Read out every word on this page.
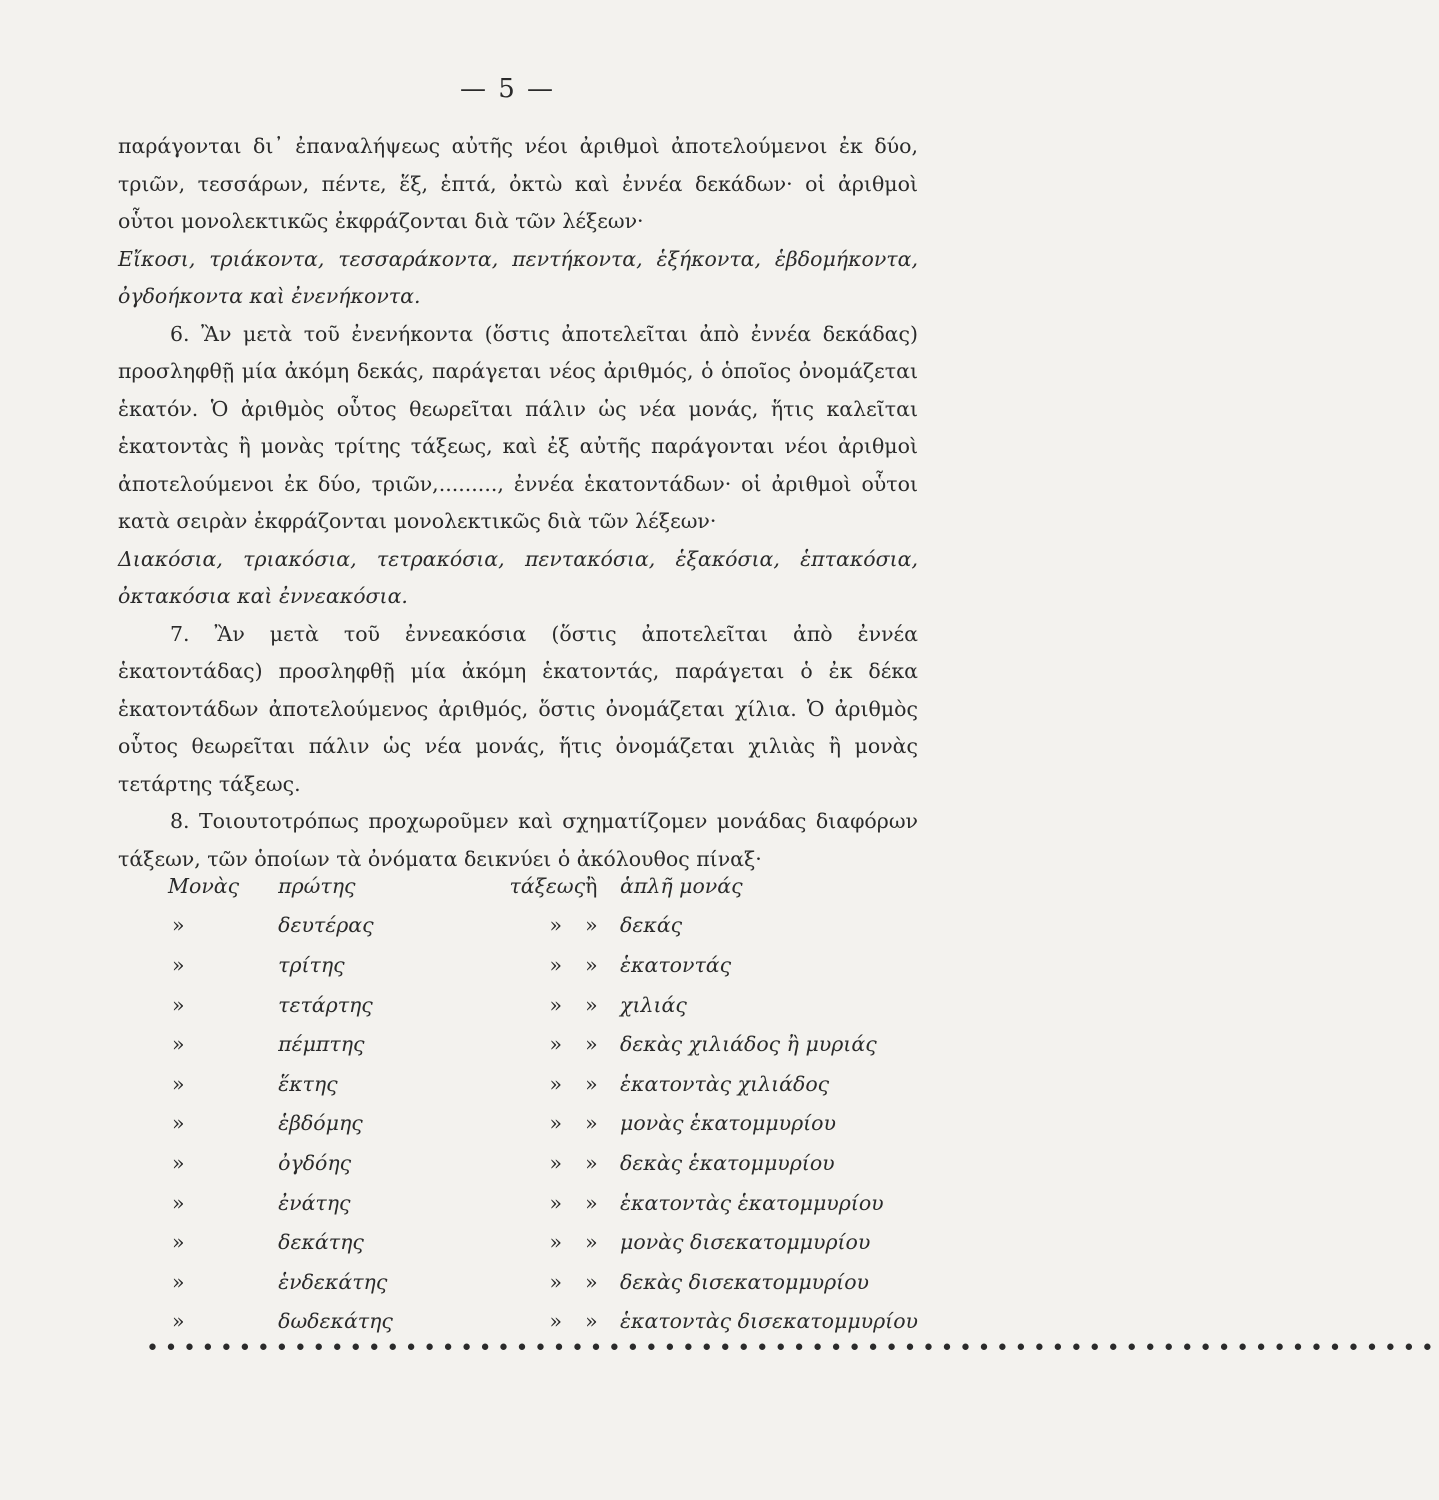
— 5 —

παράγονται δι᾽ ἐπαναλήψεως αὐτῆς νέοι ἀριθμοὶ ἀποτελούμενοι ἐκ δύο, τριῶν, τεσσάρων, πέντε, ἕξ, ἑπτά, ὀκτὼ καὶ ἐννέα δεκάδων· οἱ ἀριθμοὶ οὗτοι μονολεκτικῶς ἐκφράζονται διὰ τῶν λέξεων·

Εἴκοσι, τριάκοντα, τεσσαράκοντα, πεντήκοντα, ἑξήκοντα, ἑβδομήκοντα, ὀγδοήκοντα καὶ ἐνενήκοντα.

6. Ἂν μετὰ τοῦ ἐνενήκοντα (ὅστις ἀποτελεῖται ἀπὸ ἐννέα δεκάδας) προσληφθῇ μία ἀκόμη δεκάς, παράγεται νέος ἀριθμός, ὁ ὁποῖος ὀνομάζεται ἑκατόν. Ὁ ἀριθμὸς οὗτος θεωρεῖται πάλιν ὡς νέα μονάς, ἥτις καλεῖται ἑκατοντὰς ἢ μονὰς τρίτης τάξεως, καὶ ἐξ αὐτῆς παράγονται νέοι ἀριθμοὶ ἀποτελούμενοι ἐκ δύο, τριῶν,........., ἐννέα ἑκατοντάδων· οἱ ἀριθμοὶ οὗτοι κατὰ σειρὰν ἐκφράζονται μονολεκτικῶς διὰ τῶν λέξεων·

Διακόσια, τριακόσια, τετρακόσια, πεντακόσια, ἑξακόσια, ἑπτακόσια, ὀκτακόσια καὶ ἐννεακόσια.

7. Ἂν μετὰ τοῦ ἐννεακόσια (ὅστις ἀποτελεῖται ἀπὸ ἐννέα ἑκατοντάδας) προσληφθῇ μία ἀκόμη ἑκατοντάς, παράγεται ὁ ἐκ δέκα ἑκατοντάδων ἀποτελούμενος ἀριθμός, ὅστις ὀνομάζεται χίλια. Ὁ ἀριθμὸς οὗτος θεωρεῖται πάλιν ὡς νέα μονάς, ἥτις ὀνομάζεται χιλιὰς ἢ μονὰς τετάρτης τάξεως.

8. Τοιουτοτρόπως προχωροῦμεν καὶ σχηματίζομεν μονάδας διαφόρων τάξεων, τῶν ὁποίων τὰ ὀνόματα δεικνύει ὁ ἀκόλουθος πίναξ·

Μονὰς	πρώτης	τάξεως	ἢ	ἁπλῆ μονάς
»	δευτέρας	»	»	δεκάς
»	τρίτης	»	»	ἑκατοντάς
»	τετάρτης	»	»	χιλιάς
»	πέμπτης	»	»	δεκὰς χιλιάδος ἢ μυριάς
»	ἕκτης	»	»	ἑκατοντὰς χιλιάδος
»	ἑβδόμης	»	»	μονὰς ἑκατομμυρίου
»	ὀγδόης	»	»	δεκὰς ἑκατομμυρίου
»	ἐνάτης	»	»	ἑκατοντὰς ἑκατομμυρίου
»	δεκάτης	»	»	μονὰς δισεκατομμυρίου
»	ἑνδεκάτης	»	»	δεκὰς δισεκατομμυρίου
»	δωδεκάτης	»	»	ἑκατοντὰς δισεκατομμυρίου
••••••••••••••••••••••••••••••••••••••••••••••••••••••••••••••••••••••
